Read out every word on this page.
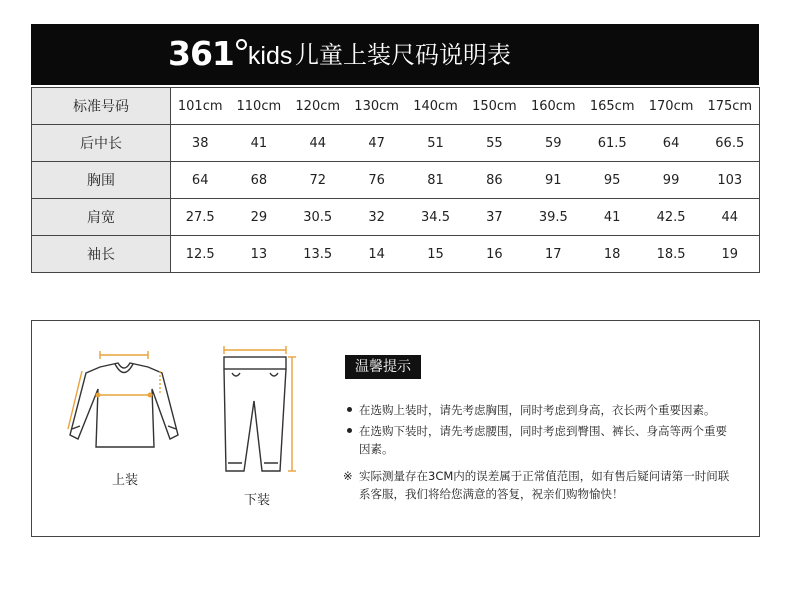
361 kids 儿童上装尺码说明表
标准号码	101cm	110cm	120cm	130cm	140cm	150cm	160cm	165cm	170cm	175cm
后中长	38	41	44	47	51	55	59	61.5	64	66.5
胸围	64	68	72	76	81	86	91	95	99	103
肩宽	27.5	29	30.5	32	34.5	37	39.5	41	42.5	44
袖长	12.5	13	13.5	14	15	16	17	18	18.5	19
上装
下装
温馨提示
在选购上装时，请先考虑胸围，同时考虑到身高，衣长两个重要因素。
在选购下装时，请先考虑腰围，同时考虑到臀围、裤长、身高等两个重要因素。
※ 实际测量存在3CM内的误差属于正常值范围，如有售后疑问请第一时间联系客服，我们将给您满意的答复，祝亲们购物愉快！
